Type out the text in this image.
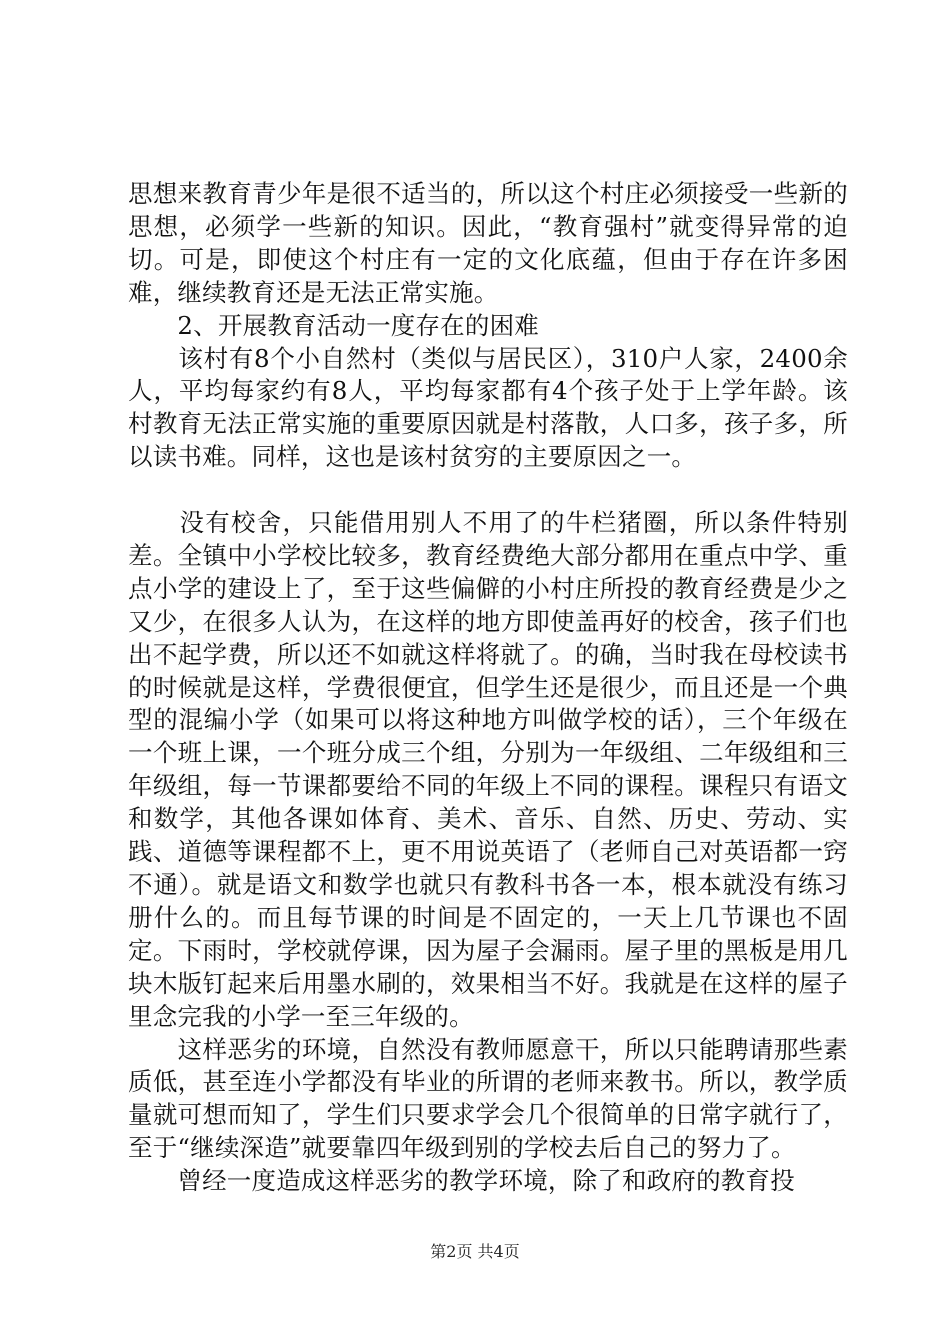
思想来教育青少年是很不适当的，所以这个村庄必须接受一些新的思想，必须学一些新的知识。因此，“教育强村”就变得异常的迫切。可是，即使这个村庄有一定的文化底蕴，但由于存在许多困难，继续教育还是无法正常实施。

　　2、开展教育活动一度存在的困难

　　该村有8个小自然村（类似与居民区），310户人家，2400余人，平均每家约有8人，平均每家都有4个孩子处于上学年龄。该村教育无法正常实施的重要原因就是村落散，人口多，孩子多，所以读书难。同样，这也是该村贫穷的主要原因之一。

　　没有校舍，只能借用别人不用了的牛栏猪圈，所以条件特别差。全镇中小学校比较多，教育经费绝大部分都用在重点中学、重点小学的建设上了，至于这些偏僻的小村庄所投的教育经费是少之又少，在很多人认为，在这样的地方即使盖再好的校舍，孩子们也出不起学费，所以还不如就这样将就了。的确，当时我在母校读书的时候就是这样，学费很便宜，但学生还是很少，而且还是一个典型的混编小学（如果可以将这种地方叫做学校的话），三个年级在一个班上课，一个班分成三个组，分别为一年级组、二年级组和三年级组，每一节课都要给不同的年级上不同的课程。课程只有语文和数学，其他各课如体育、美术、音乐、自然、历史、劳动、实践、道德等课程都不上，更不用说英语了（老师自己对英语都一窍不通）。就是语文和数学也就只有教科书各一本，根本就没有练习册什么的。而且每节课的时间是不固定的，一天上几节课也不固定。下雨时，学校就停课，因为屋子会漏雨。屋子里的黑板是用几块木版钉起来后用墨水刷的，效果相当不好。我就是在这样的屋子里念完我的小学一至三年级的。

　　这样恶劣的环境，自然没有教师愿意干，所以只能聘请那些素质低，甚至连小学都没有毕业的所谓的老师来教书。所以，教学质量就可想而知了，学生们只要求学会几个很简单的日常字就行了，至于“继续深造”就要靠四年级到别的学校去后自己的努力了。

　　曾经一度造成这样恶劣的教学环境，除了和政府的教育投

第2页 共4页
